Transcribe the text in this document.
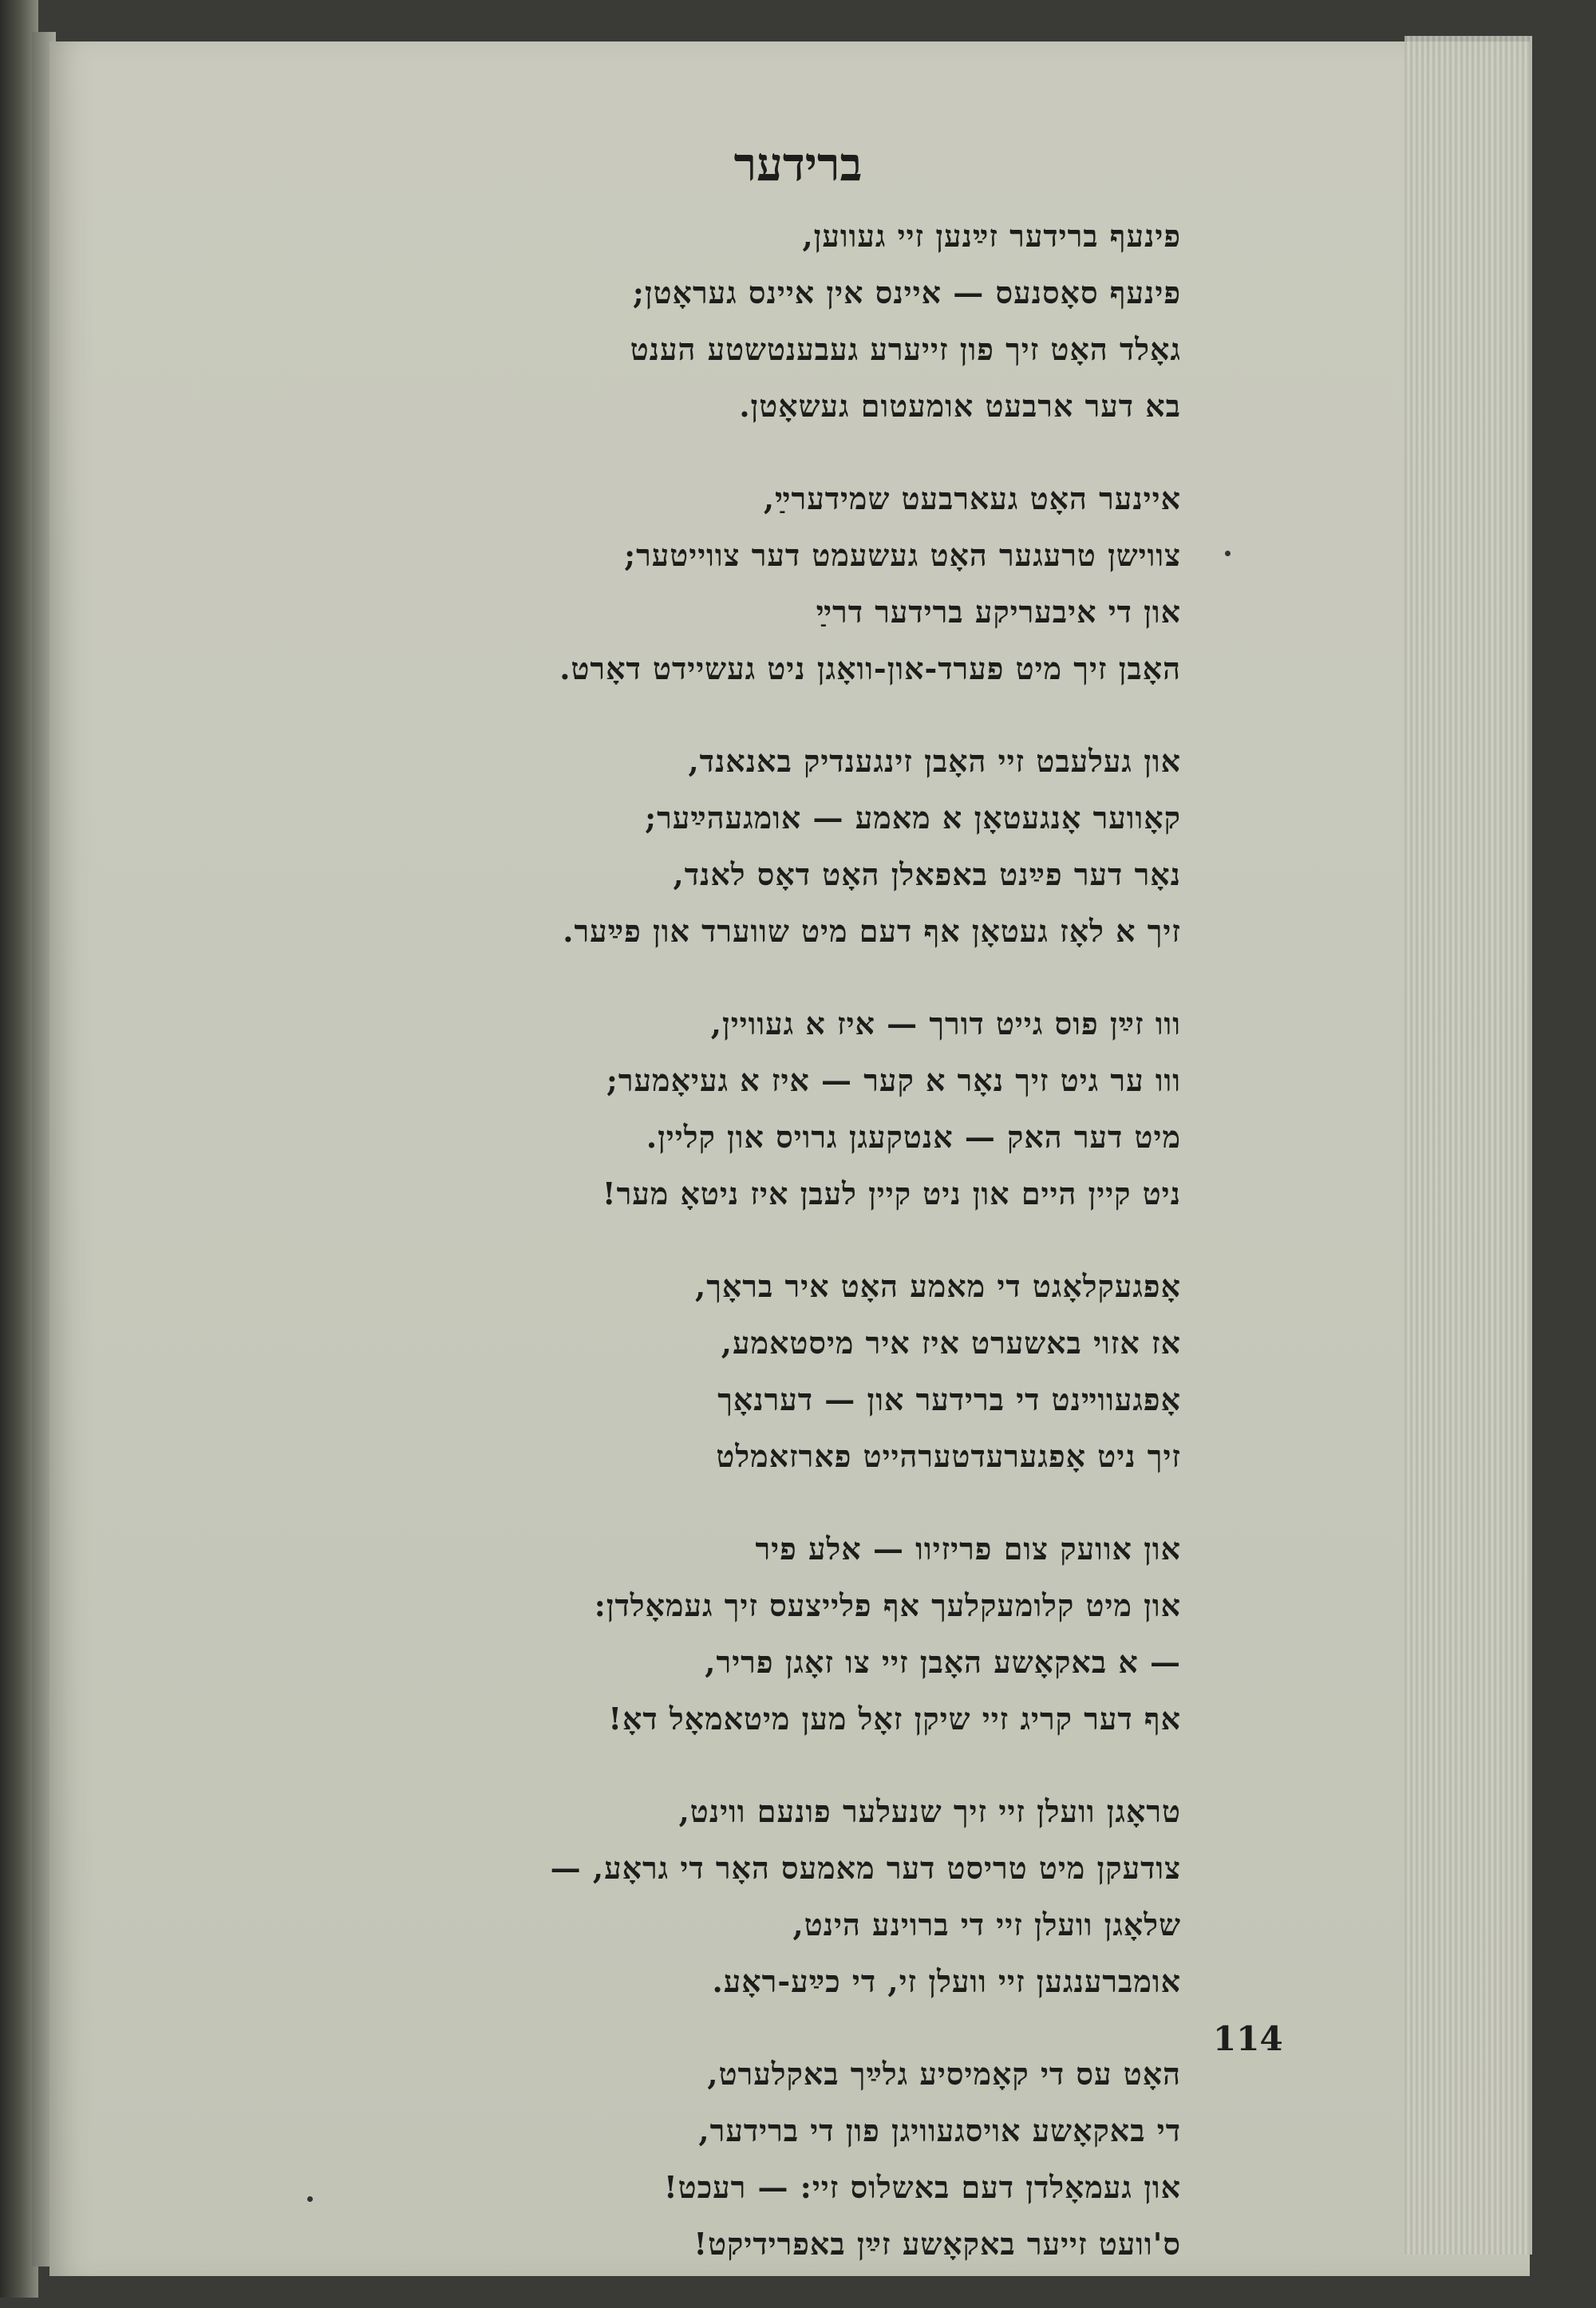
ברידער
פינעף ברידער זײַנען זיי געווען,
פינעף סאָסנעס — איינס אין איינס געראָטן;
גאָלד האָט זיך פון זייערע געבענטשטע הענט
בא דער ארבעט אומעטום געשאָטן.
איינער האָט געארבעט שמידערײַ,
צווישן טרעגער האָט געשעמט דער צווייטער;
און די איבעריקע ברידער דרײַ
האָבן זיך מיט פערד-און-וואָגן ניט געשיידט דאָרט.
און געלעבט זיי האָבן זינגענדיק באנאנד,
קאָווער אָנגעטאָן א מאמע — אומגעהײַער;
נאָר דער פײַנט באפאלן האָט דאָס לאנד,
זיך א לאָז געטאָן אף דעם מיט שווערד און פײַער.
ווו זײַן פוס גייט דורך — איז א געוויין,
ווו ער גיט זיך נאָר א קער — איז א געיאָמער;
מיט דער האק — אנטקעגן גרויס און קליין.
ניט קיין היים און ניט קיין לעבן איז ניטאָ מער!
אָפגעקלאָגט די מאמע האָט איר בראָך,
אז אזוי באשערט איז איר מיסטאמע,
אָפגעווײנט די ברידער און — דערנאָך
זיך ניט אָפגערעדטערהייט פארזאמלט
און אוועק צום פריזיוו — אלע פיר
און מיט קלומעקלעך אף פלייצעס זיך געמאָלדן:
— א באקאָשע האָבן זיי צו זאָגן פריר,
אף דער קריג זיי שיקן זאָל מען מיטאמאָל דאָ!
טראָגן וועלן זיי זיך שנעלער פונעם ווינט,
צודעקן מיט טריסט דער מאמעס האָר די גראָע, —
שלאָגן וועלן זיי די ברוינע הינט,
אומברענגען זיי וועלן זי, די כײַע-ראָע.
האָט עס די קאָמיסיע גלײַך באקלערט,
די באקאָשע אויסגעוויגן פון די ברידער,
און געמאָלדן דעם באשלוס זיי: — רעכט!
ס'וועט זייער באקאָשע זײַן באפרידיקט!
114
